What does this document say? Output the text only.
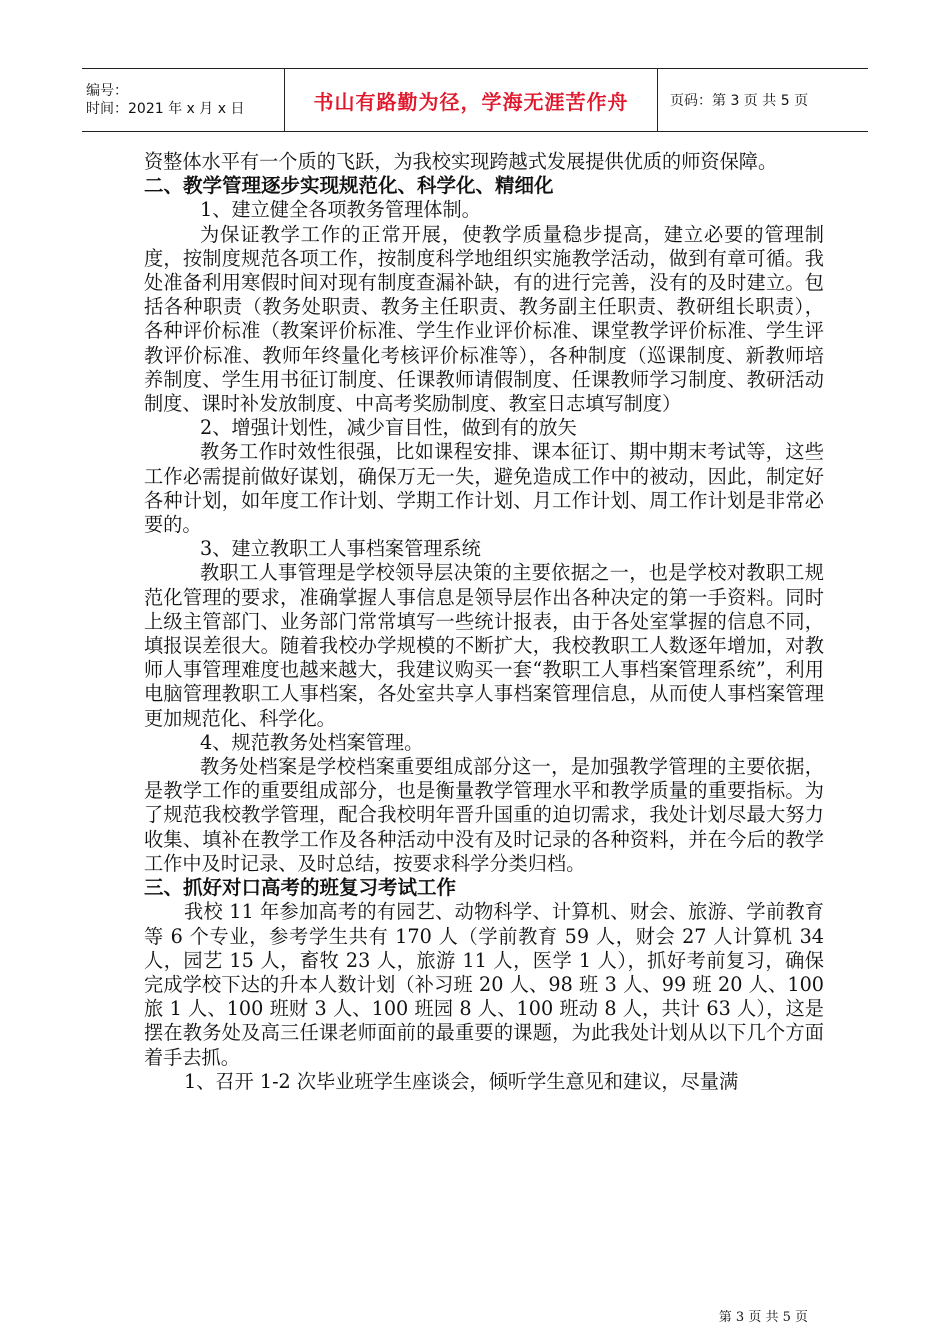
编号：
时间：2021 年 x 月 x 日	书山有路勤为径，学海无涯苦作舟	页码：第 3 页 共 5 页

资整体水平有一个质的飞跃，为我校实现跨越式发展提供优质的师资保障。

二、教学管理逐步实现规范化、科学化、精细化

1、建立健全各项教务管理体制。

为保证教学工作的正常开展，使教学质量稳步提高，建立必要的管理制度，按制度规范各项工作，按制度科学地组织实施教学活动，做到有章可循。我处准备利用寒假时间对现有制度查漏补缺，有的进行完善，没有的及时建立。包括各种职责（教务处职责、教务主任职责、教务副主任职责、教研组长职责），各种评价标准（教案评价标准、学生作业评价标准、课堂教学评价标准、学生评教评价标准、教师年终量化考核评价标准等），各种制度（巡课制度、新教师培养制度、学生用书征订制度、任课教师请假制度、任课教师学习制度、教研活动制度、课时补发放制度、中高考奖励制度、教室日志填写制度）

2、增强计划性，减少盲目性，做到有的放矢

教务工作时效性很强，比如课程安排、课本征订、期中期末考试等，这些工作必需提前做好谋划，确保万无一失，避免造成工作中的被动，因此，制定好各种计划，如年度工作计划、学期工作计划、月工作计划、周工作计划是非常必要的。

3、建立教职工人事档案管理系统

教职工人事管理是学校领导层决策的主要依据之一，也是学校对教职工规范化管理的要求，准确掌握人事信息是领导层作出各种决定的第一手资料。同时上级主管部门、业务部门常常填写一些统计报表，由于各处室掌握的信息不同，填报误差很大。随着我校办学规模的不断扩大，我校教职工人数逐年增加，对教师人事管理难度也越来越大，我建议购买一套“教职工人事档案管理系统”，利用电脑管理教职工人事档案，各处室共享人事档案管理信息，从而使人事档案管理更加规范化、科学化。

4、规范教务处档案管理。

教务处档案是学校档案重要组成部分这一，是加强教学管理的主要依据，是教学工作的重要组成部分，也是衡量教学管理水平和教学质量的重要指标。为了规范我校教学管理，配合我校明年晋升国重的迫切需求，我处计划尽最大努力收集、填补在教学工作及各种活动中没有及时记录的各种资料，并在今后的教学工作中及时记录、及时总结，按要求科学分类归档。

三、抓好对口高考的班复习考试工作

我校 11 年参加高考的有园艺、动物科学、计算机、财会、旅游、学前教育等 6 个专业，参考学生共有 170 人（学前教育 59 人，财会 27 人计算机 34 人，园艺 15 人，畜牧 23 人，旅游 11 人，医学 1 人），抓好考前复习，确保完成学校下达的升本人数计划（补习班 20 人、98 班 3 人、99 班 20 人、100 旅 1 人、100 班财 3 人、100 班园 8 人、100 班动 8 人，共计 63 人），这是摆在教务处及高三任课老师面前的最重要的课题，为此我处计划从以下几个方面着手去抓。

1、召开 1-2 次毕业班学生座谈会，倾听学生意见和建议，尽量满

第 3 页 共 5 页
